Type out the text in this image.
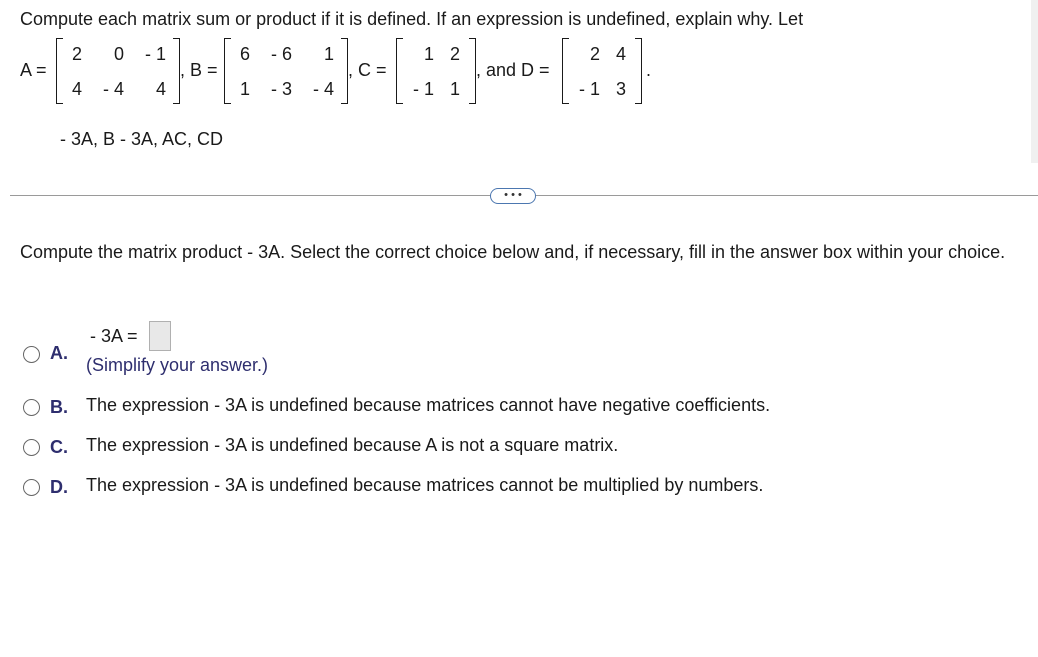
Compute each matrix sum or product if it is defined. If an expression is undefined, explain why. Let
A =
2	0	- 1
4	- 4	4
, B =
6	- 6	1
1	- 3	- 4
, C =
1 2
- 1 1
, and D =
2 4
- 1 3
.
- 3A, B - 3A, AC, CD
• • •
Compute the matrix product - 3A. Select the correct choice below and, if necessary, fill in the answer box within your choice.
A.
- 3A =
(Simplify your answer.)
B. The expression - 3A is undefined because matrices cannot have negative coefficients.
C. The expression - 3A is undefined because A is not a square matrix.
D. The expression - 3A is undefined because matrices cannot be multiplied by numbers.
